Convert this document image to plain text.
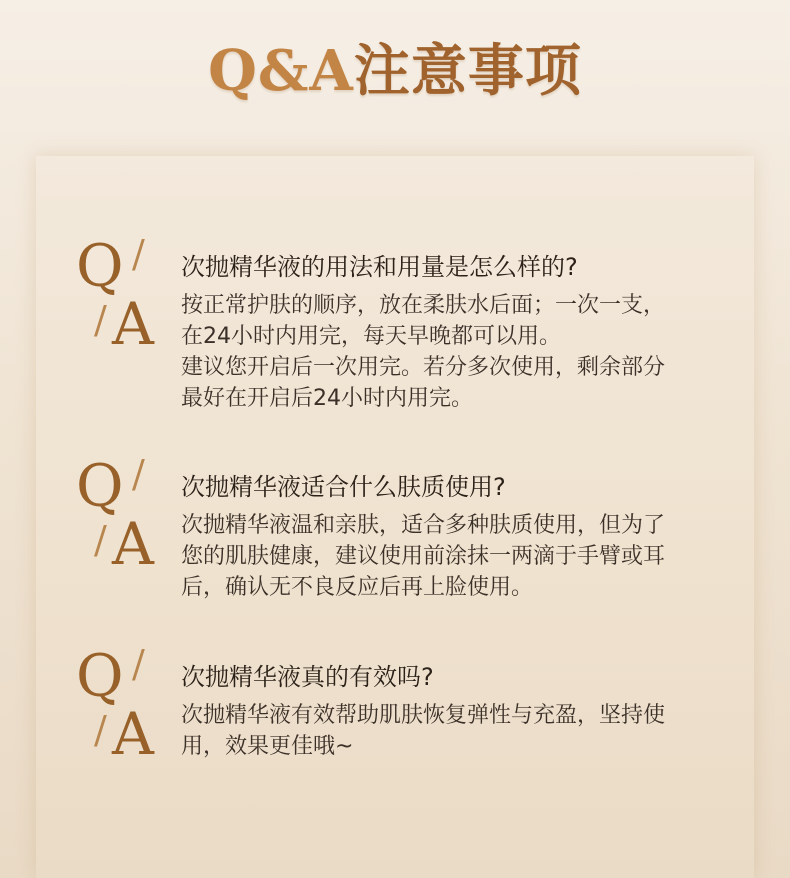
Q&A注意事项
Q /
/ A
次抛精华液的用法和用量是怎么样的?
按正常护肤的顺序，放在柔肤水后面；一次一支，
在24小时内用完，每天早晚都可以用。
建议您开启后一次用完。若分多次使用，剩余部分
最好在开启后24小时内用完。
Q /
/ A
次抛精华液适合什么肤质使用?
次抛精华液温和亲肤，适合多种肤质使用，但为了
您的肌肤健康，建议使用前涂抹一两滴于手臂或耳
后，确认无不良反应后再上脸使用。
Q /
/ A
次抛精华液真的有效吗?
次抛精华液有效帮助肌肤恢复弹性与充盈，坚持使
用，效果更佳哦~
